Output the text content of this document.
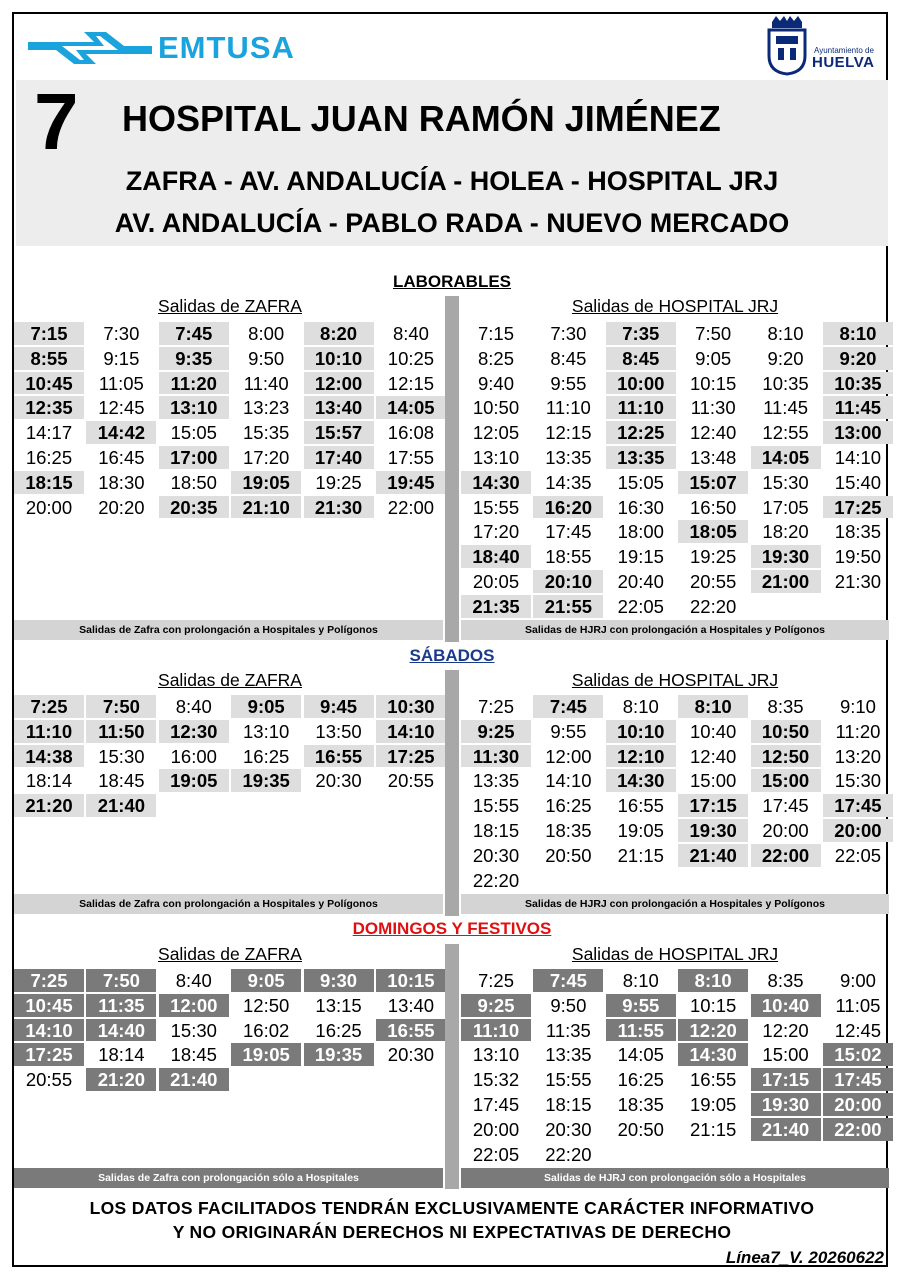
EMTUSA	Ayuntamiento de
HUELVA
7 HOSPITAL JUAN RAMÓN JIMÉNEZ
ZAFRA - AV. ANDALUCÍA - HOLEA - HOSPITAL JRJ
AV. ANDALUCÍA - PABLO RADA - NUEVO MERCADO
LABORABLES
Salidas de ZAFRA	Salidas de HOSPITAL JRJ
7:15	7:30	7:45	8:00	8:20	8:40
8:55	9:15	9:35	9:50	10:10	10:25
10:45	11:05	11:20	11:40	12:00	12:15
12:35	12:45	13:10	13:23	13:40	14:05
14:17	14:42	15:05	15:35	15:57	16:08
16:25	16:45	17:00	17:20	17:40	17:55
18:15	18:30	18:50	19:05	19:25	19:45
20:00	20:20	20:35	21:10	21:30	22:00
7:15	7:30	7:35	7:50	8:10	8:10
8:25	8:45	8:45	9:05	9:20	9:20
9:40	9:55	10:00	10:15	10:35	10:35
10:50	11:10	11:10	11:30	11:45	11:45
12:05	12:15	12:25	12:40	12:55	13:00
13:10	13:35	13:35	13:48	14:05	14:10
14:30	14:35	15:05	15:07	15:30	15:40
15:55	16:20	16:30	16:50	17:05	17:25
17:20	17:45	18:00	18:05	18:20	18:35
18:40	18:55	19:15	19:25	19:30	19:50
20:05	20:10	20:40	20:55	21:00	21:30
21:35	21:55	22:05	22:20
Salidas de Zafra con prolongación a Hospitales y Polígonos	Salidas de HJRJ con prolongación a Hospitales y Polígonos
SÁBADOS
Salidas de ZAFRA	Salidas de HOSPITAL JRJ
7:25	7:50	8:40	9:05	9:45	10:30
11:10	11:50	12:30	13:10	13:50	14:10
14:38	15:30	16:00	16:25	16:55	17:25
18:14	18:45	19:05	19:35	20:30	20:55
21:20	21:40
7:25	7:45	8:10	8:10	8:35	9:10
9:25	9:55	10:10	10:40	10:50	11:20
11:30	12:00	12:10	12:40	12:50	13:20
13:35	14:10	14:30	15:00	15:00	15:30
15:55	16:25	16:55	17:15	17:45	17:45
18:15	18:35	19:05	19:30	20:00	20:00
20:30	20:50	21:15	21:40	22:00	22:05
22:20
Salidas de Zafra con prolongación a Hospitales y Polígonos	Salidas de HJRJ con prolongación a Hospitales y Polígonos
DOMINGOS Y FESTIVOS
Salidas de ZAFRA	Salidas de HOSPITAL JRJ
7:25	7:50	8:40	9:05	9:30	10:15
10:45	11:35	12:00	12:50	13:15	13:40
14:10	14:40	15:30	16:02	16:25	16:55
17:25	18:14	18:45	19:05	19:35	20:30
20:55	21:20	21:40
7:25	7:45	8:10	8:10	8:35	9:00
9:25	9:50	9:55	10:15	10:40	11:05
11:10	11:35	11:55	12:20	12:20	12:45
13:10	13:35	14:05	14:30	15:00	15:02
15:32	15:55	16:25	16:55	17:15	17:45
17:45	18:15	18:35	19:05	19:30	20:00
20:00	20:30	20:50	21:15	21:40	22:00
22:05	22:20
Salidas de Zafra con prolongación sólo a Hospitales	Salidas de HJRJ con prolongación sólo a Hospitales
LOS DATOS FACILITADOS TENDRÁN EXCLUSIVAMENTE CARÁCTER INFORMATIVO
Y NO ORIGINARÁN DERECHOS NI EXPECTATIVAS DE DERECHO
Línea7_V. 20260622
